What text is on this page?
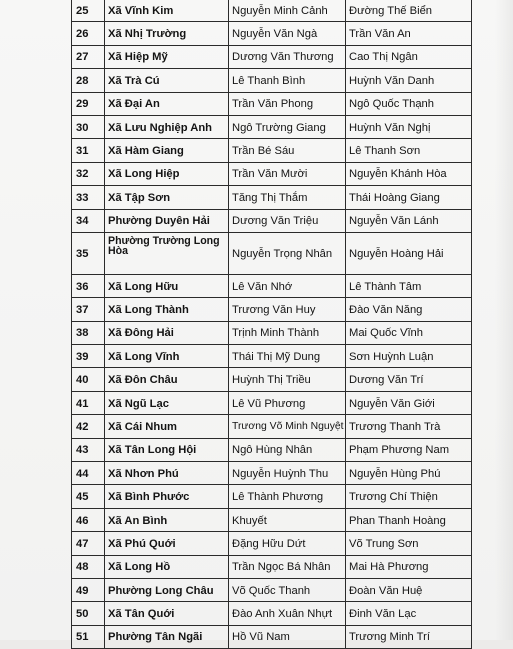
25	Xã Vĩnh Kim	Nguyễn Minh Cảnh	Đường Thế Biển
26	Xã Nhị Trường	Nguyễn Văn Ngà	Trần Văn An
27	Xã Hiệp Mỹ	Dương Văn Thương	Cao Thị Ngân
28	Xã Trà Cú	Lê Thanh Bình	Huỳnh Văn Danh
29	Xã Đại An	Trần Văn Phong	Ngô Quốc Thạnh
30	Xã Lưu Nghiệp Anh	Ngô Trường Giang	Huỳnh Văn Nghị
31	Xã Hàm Giang	Trần Bé Sáu	Lê Thanh Sơn
32	Xã Long Hiệp	Trần Văn Mười	Nguyễn Khánh Hòa
33	Xã Tập Sơn	Tăng Thị Thắm	Thái Hoàng Giang
34	Phường Duyên Hải	Dương Văn Triệu	Nguyễn Văn Lánh
35	Phường Trường Long Hòa	Nguyễn Trọng Nhân	Nguyễn Hoàng Hải
36	Xã Long Hữu	Lê Văn Nhớ	Lê Thành Tâm
37	Xã Long Thành	Trương Văn Huy	Đào Văn Năng
38	Xã Đông Hải	Trịnh Minh Thành	Mai Quốc Vĩnh
39	Xã Long Vĩnh	Thái Thị Mỹ Dung	Sơn Huỳnh Luận
40	Xã Đôn Châu	Huỳnh Thị Triều	Dương Văn Trí
41	Xã Ngũ Lạc	Lê Vũ Phương	Nguyễn Văn Giới
42	Xã Cái Nhum	Trương Võ Minh Nguyệt	Trương Thanh Trà
43	Xã Tân Long Hội	Ngô Hùng Nhân	Phạm Phương Nam
44	Xã Nhơn Phú	Nguyễn Huỳnh Thu	Nguyễn Hùng Phú
45	Xã Bình Phước	Lê Thành Phương	Trương Chí Thiện
46	Xã An Bình	Khuyết	Phan Thanh Hoàng
47	Xã Phú Quới	Đặng Hữu Dứt	Võ Trung Sơn
48	Xã Long Hồ	Trần Ngọc Bá Nhân	Mai Hà Phương
49	Phường Long Châu	Võ Quốc Thanh	Đoàn Văn Huệ
50	Xã Tân Quới	Đào Anh Xuân Nhựt	Đinh Văn Lạc
51	Phường Tân Ngãi	Hồ Vũ Nam	Trương Minh Trí
